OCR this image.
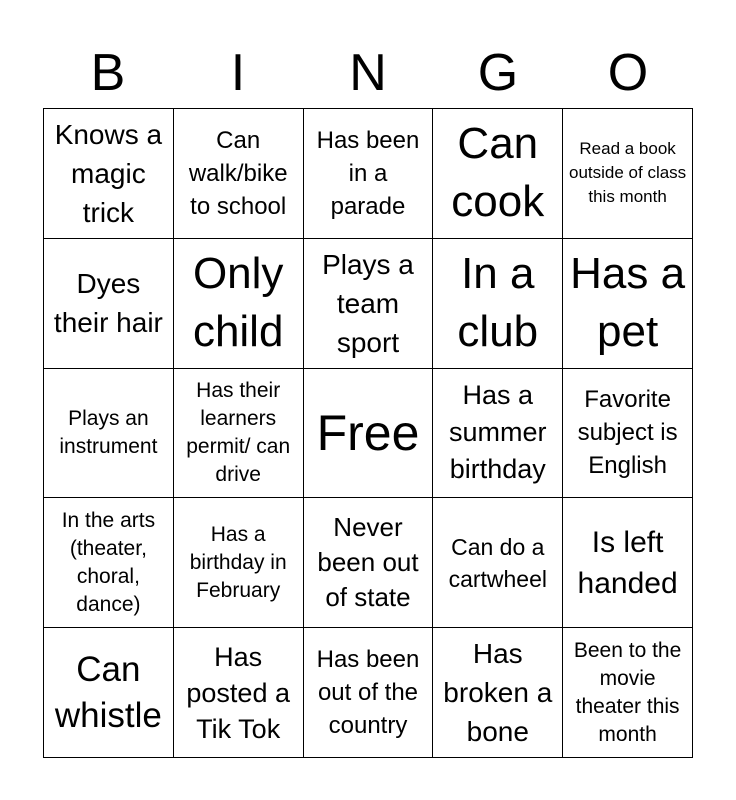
B	I	N	G	O
Knows a magic trick
Can walk/bike to school
Has been in a parade
Can cook
Read a book outside of class this month
Dyes their hair
Only child
Plays a team sport
In a club
Has a pet
Plays an instrument
Has their learners permit/ can drive
Free
Has a summer birthday
Favorite subject is English
In the arts (theater, choral, dance)
Has a birthday in February
Never been out of state
Can do a cartwheel
Is left handed
Can whistle
Has posted a Tik Tok
Has been out of the country
Has broken a bone
Been to the movie theater this month
